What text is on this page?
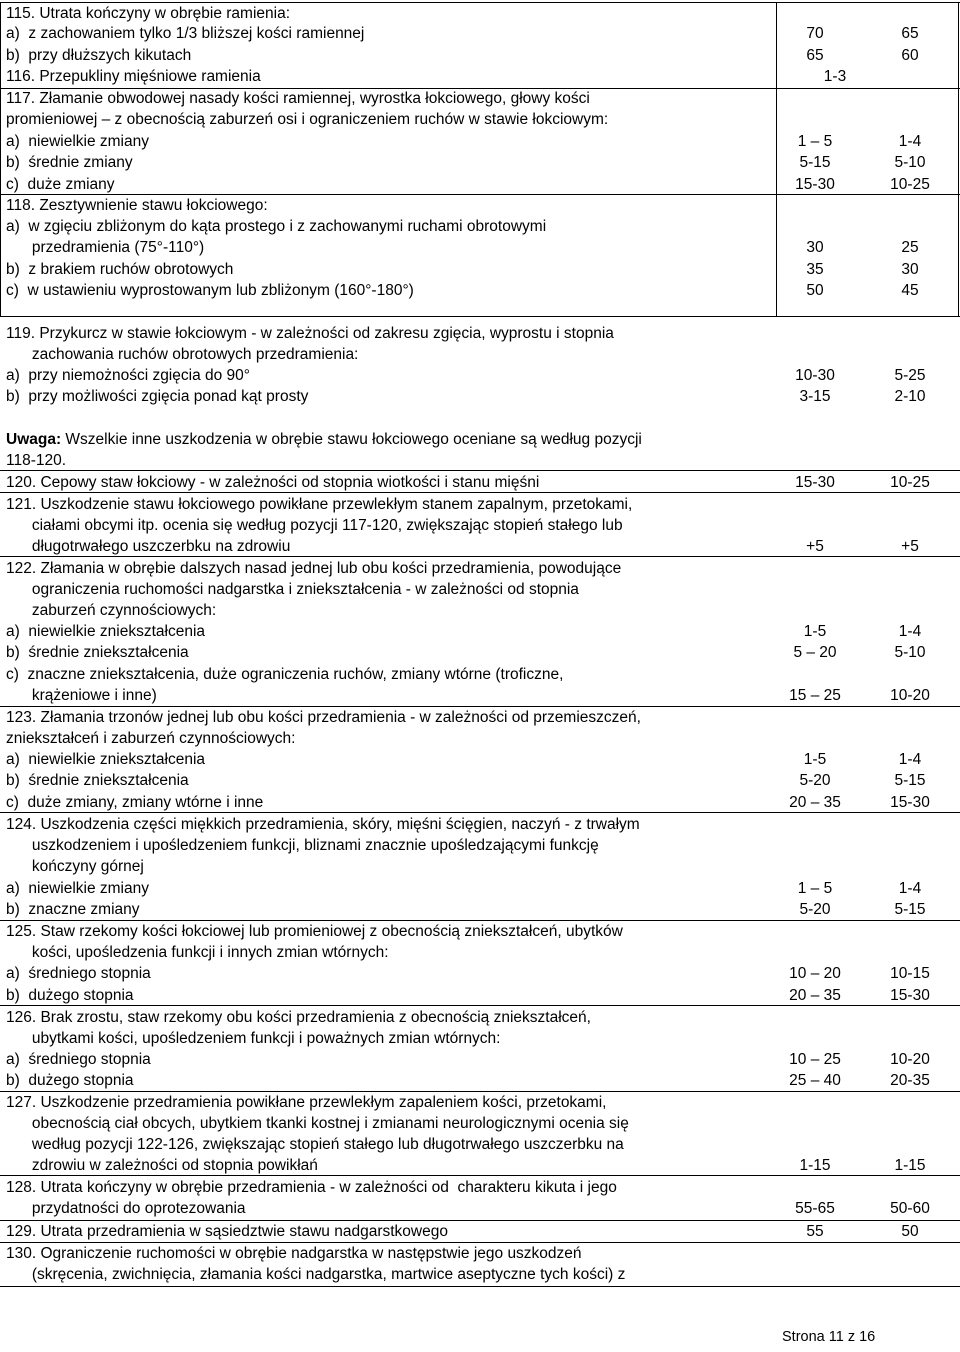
115. Utrata kończyny w obrębie ramienia:
a)  z zachowaniem tylko 1/3 bliższej kości ramiennej	70	65
b)  przy dłuższych kikutach	65	60
116. Przepukliny mięśniowe ramienia	1-3
117. Złamanie obwodowej nasady kości ramiennej, wyrostka łokciowego, głowy kości
promieniowej – z obecnością zaburzeń osi i ograniczeniem ruchów w stawie łokciowym:
a)  niewielkie zmiany	1 – 5	1-4
b)  średnie zmiany	5-15	5-10
c)  duże zmiany	15-30	10-25
118. Zesztywnienie stawu łokciowego:
a)  w zgięciu zbliżonym do kąta prostego i z zachowanymi ruchami obrotowymi
przedramienia (75°-110°)	30	25
b)  z brakiem ruchów obrotowych	35	30
c)  w ustawieniu wyprostowanym lub zbliżonym (160°-180°)	50	45
119. Przykurcz w stawie łokciowym - w zależności od zakresu zgięcia, wyprostu i stopnia
zachowania ruchów obrotowych przedramienia:
a)  przy niemożności zgięcia do 90°	10-30	5-25
b)  przy możliwości zgięcia ponad kąt prosty	3-15	2-10
Uwaga: Wszelkie inne uszkodzenia w obrębie stawu łokciowego oceniane są według pozycji
118-120.
120. Cepowy staw łokciowy - w zależności od stopnia wiotkości i stanu mięśni	15-30	10-25
121. Uszkodzenie stawu łokciowego powikłane przewlekłym stanem zapalnym, przetokami,
ciałami obcymi itp. ocenia się według pozycji 117-120, zwiększając stopień stałego lub
długotrwałego uszczerbku na zdrowiu	+5	+5
122. Złamania w obrębie dalszych nasad jednej lub obu kości przedramienia, powodujące
ograniczenia ruchomości nadgarstka i zniekształcenia - w zależności od stopnia
zaburzeń czynnościowych:
a)  niewielkie zniekształcenia	1-5	1-4
b)  średnie zniekształcenia	5 – 20	5-10
c)  znaczne zniekształcenia, duże ograniczenia ruchów, zmiany wtórne (troficzne,
krążeniowe i inne)	15 – 25	10-20
123. Złamania trzonów jednej lub obu kości przedramienia - w zależności od przemieszczeń,
zniekształceń i zaburzeń czynnościowych:
a)  niewielkie zniekształcenia	1-5	1-4
b)  średnie zniekształcenia	5-20	5-15
c)  duże zmiany, zmiany wtórne i inne	20 – 35	15-30
124. Uszkodzenia części miękkich przedramienia, skóry, mięśni ścięgien, naczyń - z trwałym
uszkodzeniem i upośledzeniem funkcji, bliznami znacznie upośledzającymi funkcję
kończyny górnej
a)  niewielkie zmiany	1 – 5	1-4
b)  znaczne zmiany	5-20	5-15
125. Staw rzekomy kości łokciowej lub promieniowej z obecnością zniekształceń, ubytków
kości, upośledzenia funkcji i innych zmian wtórnych:
a)  średniego stopnia	10 – 20	10-15
b)  dużego stopnia	20 – 35	15-30
126. Brak zrostu, staw rzekomy obu kości przedramienia z obecnością zniekształceń,
ubytkami kości, upośledzeniem funkcji i poważnych zmian wtórnych:
a)  średniego stopnia	10 – 25	10-20
b)  dużego stopnia	25 – 40	20-35
127. Uszkodzenie przedramienia powikłane przewlekłym zapaleniem kości, przetokami,
obecnością ciał obcych, ubytkiem tkanki kostnej i zmianami neurologicznymi ocenia się
według pozycji 122-126, zwiększając stopień stałego lub długotrwałego uszczerbku na
zdrowiu w zależności od stopnia powikłań	1-15	1-15
128. Utrata kończyny w obrębie przedramienia - w zależności od  charakteru kikuta i jego
przydatności do oprotezowania	55-65	50-60
129. Utrata przedramienia w sąsiedztwie stawu nadgarstkowego	55	50
130. Ograniczenie ruchomości w obrębie nadgarstka w następstwie jego uszkodzeń
(skręcenia, zwichnięcia, złamania kości nadgarstka, martwice aseptyczne tych kości) z
Strona 11 z 16
